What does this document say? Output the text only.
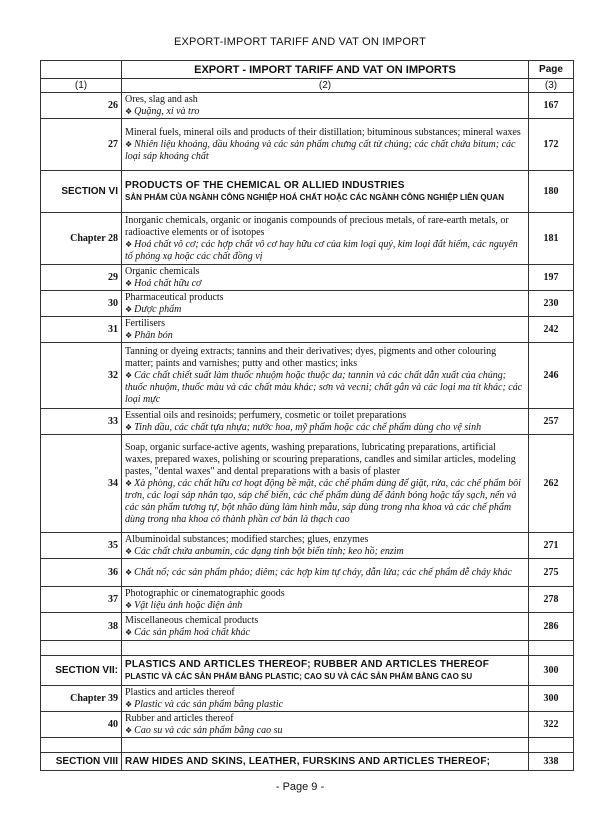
EXPORT-IMPORT TARIFF AND VAT ON IMPORT
	EXPORT - IMPORT TARIFF AND VAT ON IMPORTS	Page
(1)	(2)	(3)
26	Ores, slag and ash
❖ Quặng, xỉ và tro	167
27	Mineral fuels, mineral oils and products of their distillation; bituminous substances; mineral waxes
❖ Nhiên liệu khoáng, dầu khoáng và các sản phẩm chưng cất từ chúng; các chất chứa bitum; các loại sáp khoáng chất	172
SECTION VI	PRODUCTS OF THE CHEMICAL OR ALLIED INDUSTRIES
SẢN PHẨM CỦA NGÀNH CÔNG NGHIỆP HOÁ CHẤT HOẶC CÁC NGÀNH CÔNG NGHIỆP LIÊN QUAN	180
Chapter 28	Inorganic chemicals, organic or inoganis compounds of precious metals, of rare-earth metals, or radioactive elements or of isotopes
❖ Hoá chất vô cơ; các hợp chất vô cơ hay hữu cơ của kim loại quý, kim loại đất hiếm, các nguyên tố phóng xạ hoặc các chất đồng vị	181
29	Organic chemicals
❖ Hoá chất hữu cơ	197
30	Pharmaceutical products
❖ Dược phẩm	230
31	Fertilisers
❖ Phân bón	242
32	Tanning or dyeing extracts; tannins and their derivatives; dyes, pigments and other colouring matter; paints and varnishes; putty and other mastics; inks
❖ Các chất chiết suất làm thuốc nhuộm hoặc thuộc da; tannin và các chất dẫn xuất của chúng; thuốc nhuộm, thuốc màu và các chất màu khác; sơn và vecni; chất gắn và các loại ma tít khác; các loại mực	246
33	Essential oils and resinoids; perfumery, cosmetic or toilet preparations
❖ Tinh dầu, các chất tựa nhựa; nước hoa, mỹ phẩm hoặc các chế phẩm dùng cho vệ sinh	257
34	Soap, organic surface-active agents, washing preparations, lubricating preparations, artificial waxes, prepared waxes, polishing or scouring preparations, candles and similar articles, modeling pastes, "dental waxes" and dental preparations with a basis of plaster
❖ Xà phòng, các chất hữu cơ hoạt động bề mặt, các chế phẩm dùng để giặt, rửa, các chế phẩm bôi trơn, các loại sáp nhân tạo, sáp chế biến, các chế phẩm dùng để đánh bóng hoặc tẩy sạch, nến và các sản phẩm tương tự, bột nhão dùng làm hình mẫu, sáp dùng trong nha khoa và các chế phẩm dùng trong nha khoa có thành phần cơ bản là thạch cao	262
35	Albuminoidal substances; modified starches; glues, enzymes
❖ Các chất chứa anbumin, các dạng tinh bột biến tính; keo hồ; enzim	271
36	❖ Chất nổ; các sản phẩm pháo; diêm; các hợp kim tự cháy, dẫn lửa; các chế phẩm dễ cháy khác	275
37	Photographic or cinematographic goods
❖ Vật liệu ảnh hoặc điện ảnh	278
38	Miscellaneous chemical products
❖ Các sản phẩm hoá chất khác	286

SECTION VII:	PLASTICS AND ARTICLES THEREOF; RUBBER AND ARTICLES THEREOF
PLASTIC VÀ CÁC SẢN PHẨM BẰNG PLASTIC; CAO SU VÀ CÁC SẢN PHẨM BẰNG CAO SU	300
Chapter 39	Plastics and articles thereof
❖ Plastic và các sản phẩm bằng plastic	300
40	Rubber and articles thereof
❖ Cao su và các sản phẩm bằng cao su	322

SECTION VIII	RAW HIDES AND SKINS, LEATHER, FURSKINS AND ARTICLES THEREOF;	338
- Page 9 -
